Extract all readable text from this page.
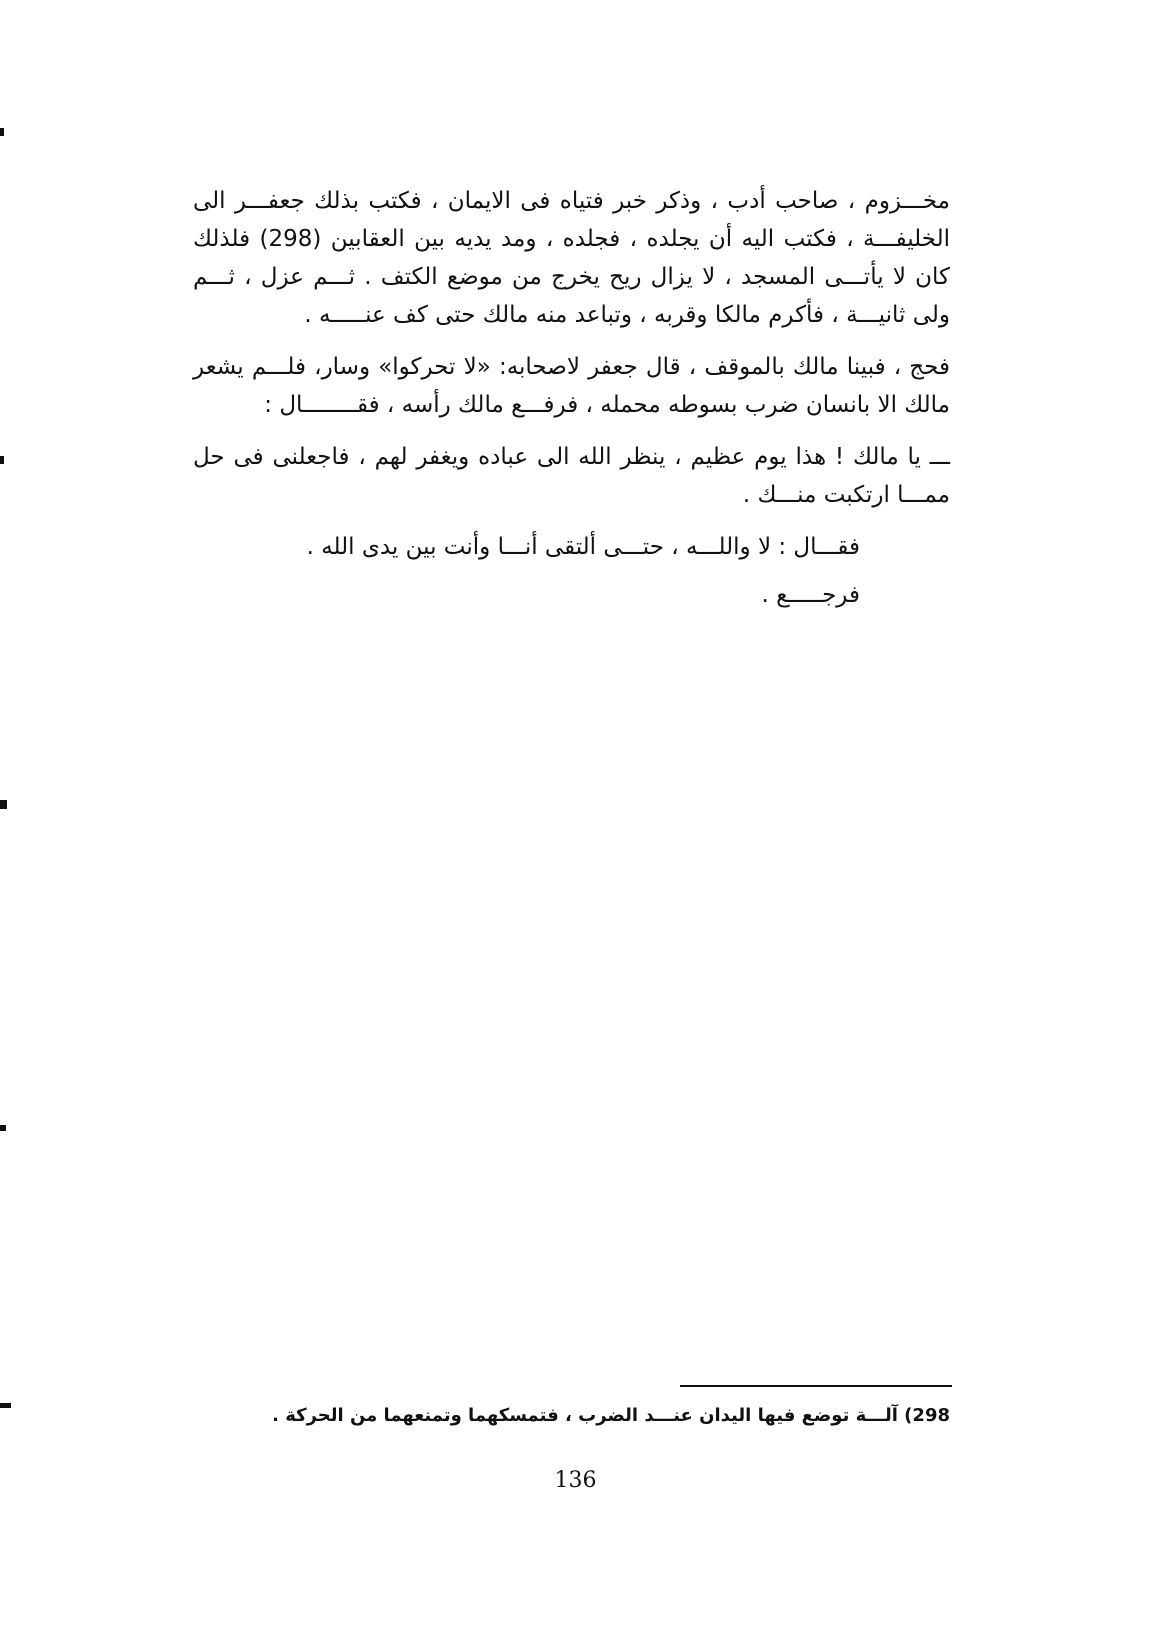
مخـــزوم ، صاحب أدب ، وذكر خبر فتياه فى الايمان ، فكتب بذلك جعفـــر الى الخليفـــة ، فكتب اليه أن يجلده ، فجلده ، ومد يديه بين العقابين (298) فلذلك كان لا يأتـــى المسجد ، لا يزال ريح يخرج من موضع الكتف . ثـــم عزل ، ثـــم ولى ثانيـــة ، فأكرم مالكا وقربه ، وتباعد منه مالك حتى كف عنـــــه .

فحج ، فبينا مالك بالموقف ، قال جعفر لاصحابه: «لا تحركوا» وسار، فلـــم يشعر مالك الا بانسان ضرب بسوطه محمله ، فرفـــع مالك رأسه ، فقــــــــال :

ـــ يا مالك ! هذا يوم عظيم ، ينظر الله الى عباده ويغفر لهم ، فاجعلنى فى حل ممـــا ارتكبت منـــك .

فقـــال : لا واللـــه ، حتـــى ألتقى أنـــا وأنت بين يدى الله .

فرجـــــع .

298) آلـــة توضع فيها اليدان عنـــد الضرب ، فتمسكهما وتمنعهما من الحركة .
136
